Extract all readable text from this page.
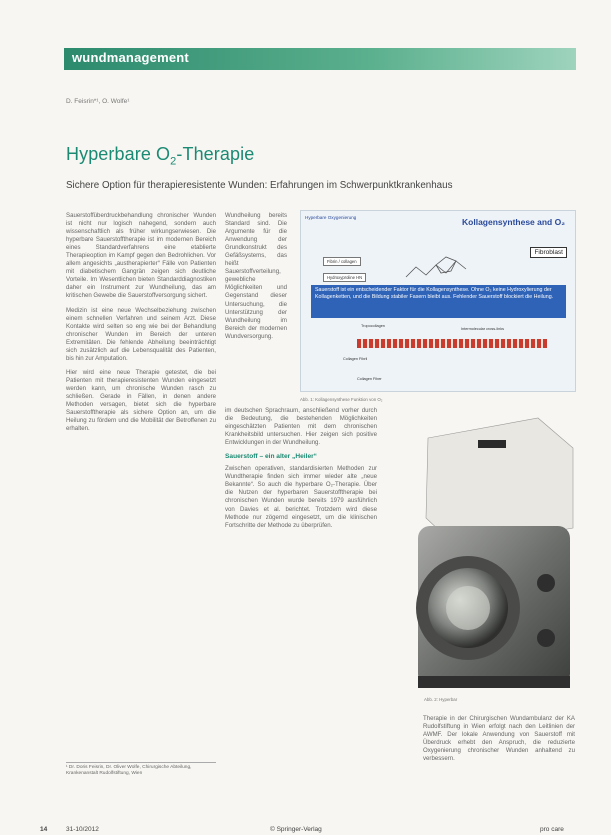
wundmanagement
D. Feisrin*¹, O. Wolfe¹
Hyperbare $O_2$-Therapie
Sichere Option für therapieresistente Wunden: Erfahrungen im Schwerpunktkrankenhaus

Sauerstoffüberdruckbehandlung chronischer Wunden ist nicht nur logisch nahegend, sondern auch wissenschaftlich als früher wirkungserwiesen. Die hyperbare Sauerstofftherapie ist im modernen Bereich eines Standardverfahrens eine etablierte Therapieoption im Kampf gegen den Bedrohlichen. Vor allem angesichts „austherapierter“ Fälle von Patienten mit diabetischem Gangrän zeigen sich deutliche Vorteile. Im Wesentlichen bieten Standarddiagnostiken daher ein Instrument zur Wundheilung, das am kritischen Gewebe die Sauerstoffversorgung sichert.

Medizin ist eine neue Wechselbeziehung zwischen einem schnellen Verfahren und seinem Arzt. Diese Kontakte wird selten so eng wie bei der Behandlung chronischer Wunden im Bereich der unteren Extremitäten. Die fehlende Abheilung beeinträchtigt sich zusätzlich auf die Lebensqualität des Patienten, bis hin zur Amputation.

Hier wird eine neue Therapie getestet, die bei Patienten mit therapieresistenten Wunden eingesetzt werden kann, um chronische Wunden rasch zu schließen. Gerade in Fällen, in denen andere Methoden versagen, bietet sich die hyperbare Sauerstofftherapie als sichere Option an, um die Heilung zu fördern und die Mobilität der Betroffenen zu erhalten.

Wundheilung bereits Standard sind. Die Argumente für die Anwendung der Grundkonstrukt des Gefäßsystems, das heißt Sauerstoffverteilung, gewebliche Möglichkeiten und Gegenstand dieser Untersuchung, die Unterstützung der Wundheilung im Bereich der modernen Wundversorgung.

Hyperbare Oxygenierung	Kollagensynthese and O₂
Fibroblast
Fibrin / collagen
Hydroxyproline HN
Sauerstoff ist ein entscheidender Faktor für die Kollagensynthese. Ohne O₂ keine Hydroxylierung der Kollagenketten, und die Bildung stabiler Fasern bleibt aus. Fehlender Sauerstoff blockiert die Heilung.
Tropocollagen
Intermolecular cross-links
Collagen Fibril
Collagen Fiber
Abb. 1: Kollagensynthese Funktion von O₂

im deutschen Sprachraum, anschließend vorher durch die Bedeutung, die bestehenden Möglichkeiten eingeschätzten Patienten mit dem chronischen Krankheitsbild untersuchen. Hier zeigen sich positive Entwicklungen in der Wundheilung.

Sauerstoff – ein alter „Heiler“

Zwischen operativen, standardisierten Methoden zur Wundtherapie finden sich immer wieder alte „neue Bekannte“. So auch die hyperbare O₂-Therapie. Über die Nutzen der hyperbaren Sauerstofftherapie bei chronischen Wunden wurde bereits 1979 ausführlich von Davies et al. berichtet. Trotzdem wird diese Methode nur zögernd eingesetzt, um die klinischen Fortschritte der Methode zu überprüfen.

Abb. 2: Hyperbar

Therapie in der Chirurgischen Wundambulanz der KA Rudolfstiftung in Wien erfolgt nach den Leitlinien der AWMF. Der lokale Anwendung von Sauerstoff mit Überdruck erhebt den Anspruch, die reduzierte Oxygenierung chronischer Wunden anhaltend zu verbessern.

¹ Dr. Doris Feisrin, Dr. Oliver Wolfe, Chirurgische Abteilung, Krankenanstalt Rudolfstiftung, Wien
14	31-10/2012	© Springer-Verlag	pro care
